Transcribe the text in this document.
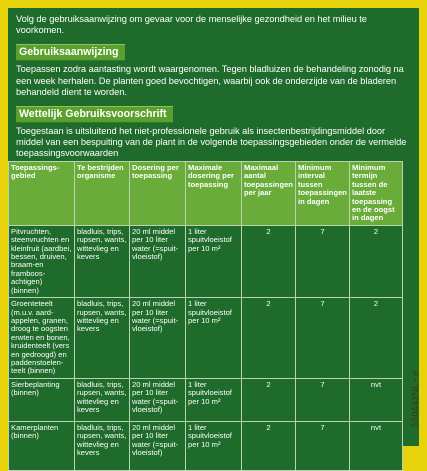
Volg de gebruiksaanwijzing om gevaar voor de menselijke gezondheid en het milieu te voorkomen.

Gebruiksaanwijzing

Toepassen zodra aantasting wordt waargenomen. Tegen bladluizen de behandeling zonodig na een week herhalen. De planten goed bevochtigen, waarbij ook de onderzijde van de bladeren behandeld dient te worden.

Wettelijk Gebruiksvoorschrift

Toegestaan is uitsluitend het niet-professionele gebruik als insectenbestrijdingsmiddel door middel van een bespuiting van de plant in de volgende toepassingsgebieden onder de vermelde toepassingsvoorwaarden

Toepassings-gebied	Te bestrijden organisme	Dosering per toepassing	Maximale dosering per toepassing	Maximaal aantal toepassingen per jaar	Minimum interval tussen toepassingen in dagen	Minimum termijn tussen de laatste toepassing en de oogst in dagen
Pitvruchten, steenvruchten en kleinfruit (aardbei, bessen, druiven, braam-en framboos-achtigen) (binnen)	bladluis, trips, rupsen, wants, wittevlieg en kevers	20 ml middel per 10 liter water (=spuit-vloeistof)	1 liter spuitvloeistof per 10 m²	2	7	2
Groenteteelt (m.u.v. aard-appelen, granen, droog te oogsten erwten en bonen, kruidenteelt (vers en gedroogd) en paddenstoelen-teelt (binnen)	bladluis, trips, rupsen, wants, wittevlieg en kevers	20 ml middel per 10 liter water (=spuit-vloeistof)	1 liter spuitvloeistof per 10 m²	2	7	2
Sierbeplanting (binnen)	bladluis, trips, rupsen, wants, wittevlieg en kevers	20 ml middel per 10 liter water (=spuit-vloeistof)	1 liter spuitvloeistof per 10 m²	2	7	nvt
Kamerplanten (binnen)	bladluis, trips, rupsen, wants, wittevlieg en kevers	20 ml middel per 10 liter water (=spuit-vloeistof)	1 liter spuitvloeistof per 10 m²	2	7	nvt
550443NL - e
